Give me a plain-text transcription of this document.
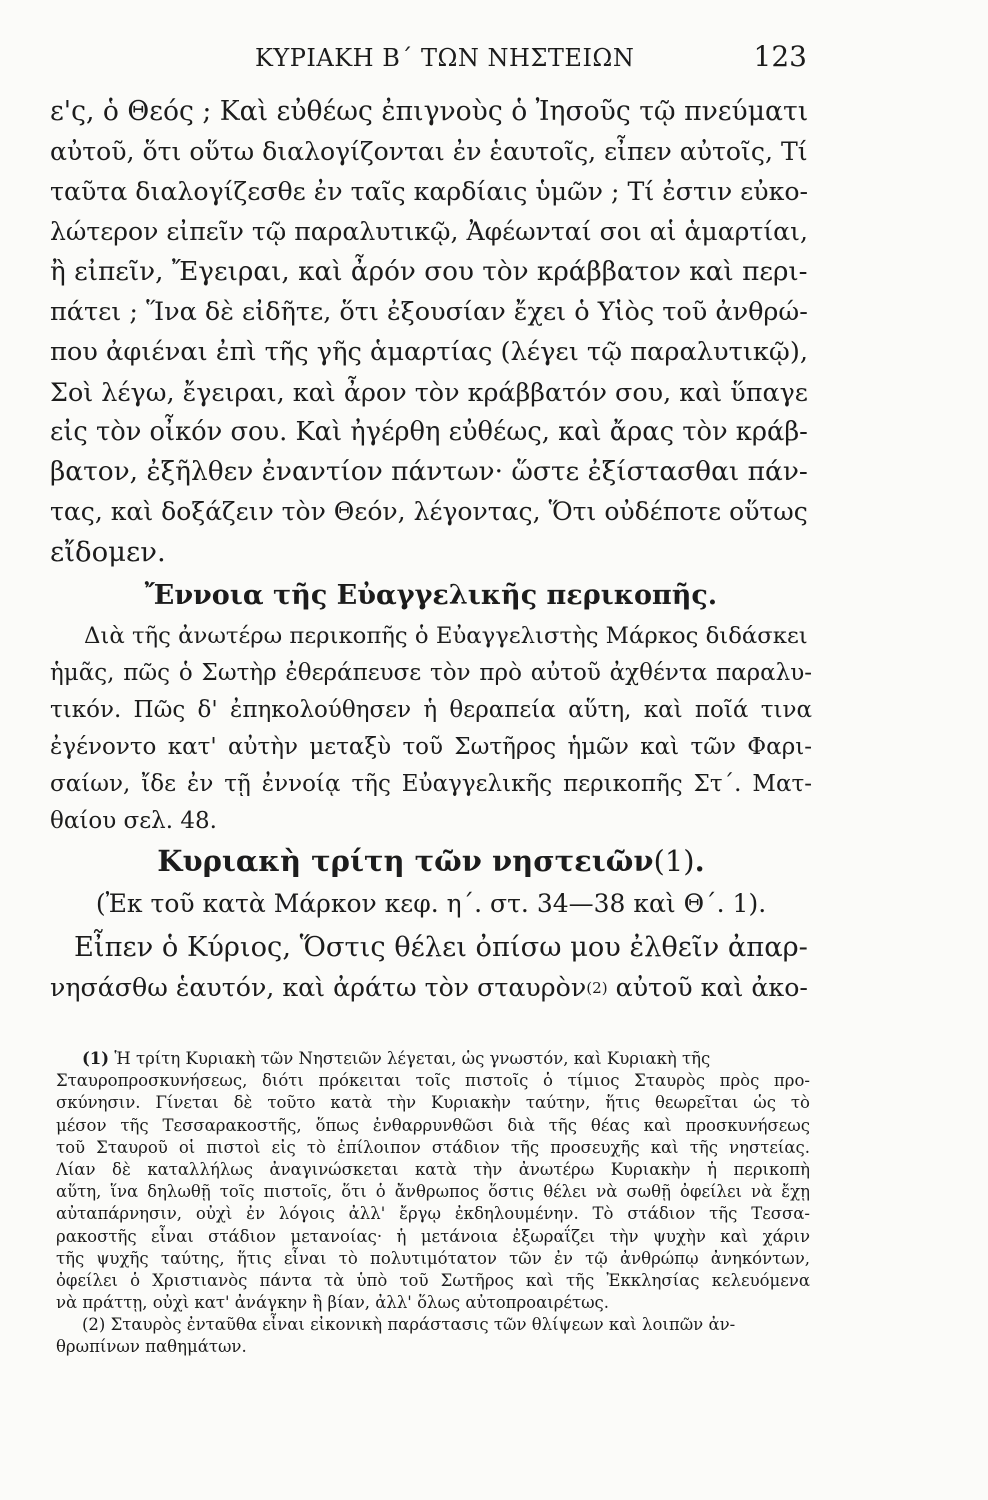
ΚΥΡΙΑΚΗ Β΄ ΤΩΝ ΝΗΣΤΕΙΩΝ	123

ε'ς, ὁ Θεός ; Καὶ εὐθέως ἐπιγνοὺς ὁ Ἰησοῦς τῷ πνεύματι

αὐτοῦ, ὅτι οὕτω διαλογίζονται ἐν ἑαυτοῖς, εἶπεν αὐτοῖς, Τί

ταῦτα διαλογίζεσθε ἐν ταῖς καρδίαις ὑμῶν ; Τί ἐστιν εὐκο-

λώτερον εἰπεῖν τῷ παραλυτικῷ, Ἀφέωνταί σοι αἱ ἁμαρτίαι,

ἢ εἰπεῖν, Ἔγειραι, καὶ ἆρόν σου τὸν κράββατον καὶ περι-

πάτει ; Ἵνα δὲ εἰδῆτε, ὅτι ἐξουσίαν ἔχει ὁ Υἱὸς τοῦ ἀνθρώ-

που ἀφιέναι ἐπὶ τῆς γῆς ἁμαρτίας (λέγει τῷ παραλυτικῷ),

Σοὶ λέγω, ἔγειραι, καὶ ἆρον τὸν κράββατόν σου, καὶ ὕπαγε

εἰς τὸν οἶκόν σου. Καὶ ἠγέρθη εὐθέως, καὶ ἄρας τὸν κράβ-

βατον, ἐξῆλθεν ἐναντίον πάντων· ὥστε ἐξίστασθαι πάν-

τας, καὶ δοξάζειν τὸν Θεόν, λέγοντας, Ὅτι οὐδέποτε οὕτως

εἴδομεν.

Ἔννοια τῆς Εὐαγγελικῆς περικοπῆς.

Διὰ τῆς ἀνωτέρω περικοπῆς ὁ Εὐαγγελιστὴς Μάρκος διδάσκει

ἡμᾶς, πῶς ὁ Σωτὴρ ἐθεράπευσε τὸν πρὸ αὐτοῦ ἀχθέντα παραλυ-

τικόν. Πῶς δ' ἐπηκολούθησεν ἡ θεραπεία αὕτη, καὶ ποῖά τινα

ἐγένοντο κατ' αὐτὴν μεταξὺ τοῦ Σωτῆρος ἡμῶν καὶ τῶν Φαρι-

σαίων, ἴδε ἐν τῇ ἐννοίᾳ τῆς Εὐαγγελικῆς περικοπῆς Στ΄. Ματ-

θαίου σελ. 48.

Κυριακὴ τρίτη τῶν νηστειῶν(1).

(Ἐκ τοῦ κατὰ Μάρκον κεφ. η΄. στ. 34—38 καὶ Θ΄. 1).

Εἶπεν ὁ Κύριος, Ὅστις θέλει ὀπίσω μου ἐλθεῖν ἀπαρ-

νησάσθω ἑαυτόν, καὶ ἀράτω τὸν σταυρὸν (2) αὐτοῦ καὶ ἀκο-

(1)
Ἡ τρίτη Κυριακὴ τῶν Νηστειῶν λέγεται, ὡς γνωστόν, καὶ Κυριακὴ τῆς

Σταυροπροσκυνήσεως, διότι πρόκειται τοῖς πιστοῖς ὁ τίμιος Σταυρὸς πρὸς προ-

σκύνησιν. Γίνεται δὲ τοῦτο κατὰ τὴν Κυριακὴν ταύτην, ἥτις θεωρεῖται ὡς τὸ

μέσον τῆς Τεσσαρακοστῆς, ὅπως ἐνθαρρυνθῶσι διὰ τῆς θέας καὶ προσκυνήσεως

τοῦ Σταυροῦ οἱ πιστοὶ εἰς τὸ ἐπίλοιπον στάδιον τῆς προσευχῆς καὶ τῆς νηστείας.

Λίαν δὲ καταλλήλως ἀναγινώσκεται κατὰ τὴν ἀνωτέρω Κυριακὴν ἡ περικοπὴ

αὕτη, ἵνα δηλωθῇ τοῖς πιστοῖς, ὅτι ὁ ἄνθρωπος ὅστις θέλει νὰ σωθῇ ὀφείλει νὰ ἔχῃ

αὐταπάρνησιν, οὐχὶ ἐν λόγοις ἀλλ' ἔργῳ ἐκδηλουμένην. Τὸ στάδιον τῆς Τεσσα-

ρακοστῆς εἶναι στάδιον μετανοίας· ἡ μετάνοια ἐξωραΐζει τὴν ψυχὴν καὶ χάριν

τῆς ψυχῆς ταύτης, ἥτις εἶναι τὸ πολυτιμότατον τῶν ἐν τῷ ἀνθρώπῳ ἀνηκόντων,

ὀφείλει ὁ Χριστιανὸς πάντα τὰ ὑπὸ τοῦ Σωτῆρος καὶ τῆς Ἐκκλησίας κελευόμενα

νὰ πράττῃ, οὐχὶ κατ' ἀνάγκην ἢ βίαν, ἀλλ' ὅλως αὐτοπροαιρέτως.

(2)
Σταυρὸς ἐνταῦθα εἶναι εἰκονικὴ παράστασις τῶν θλίψεων καὶ λοιπῶν ἀν-

θρωπίνων παθημάτων.
